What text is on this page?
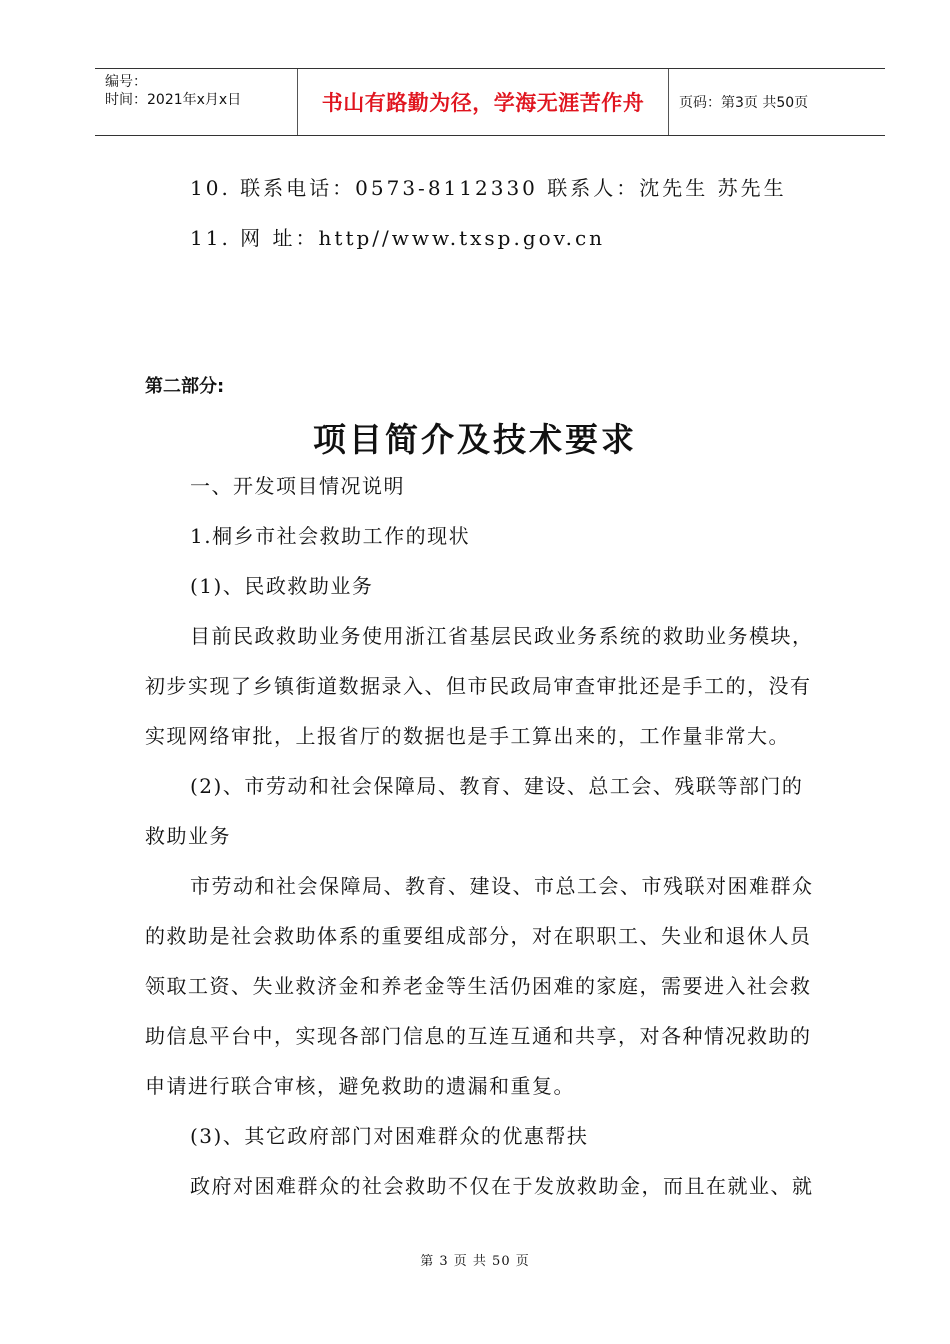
编号：
时间：2021年x月x日	书山有路勤为径，学海无涯苦作舟 页码：第3页 共50页
10. 联系电话：0573-8112330 联系人：沈先生 苏先生
11. 网 址：http//www.txsp.gov.cn
第二部分:
项目简介及技术要求
一、开发项目情况说明
1.桐乡市社会救助工作的现状
(1)、民政救助业务
目前民政救助业务使用浙江省基层民政业务系统的救助业务模块，
初步实现了乡镇街道数据录入、但市民政局审查审批还是手工的，没有
实现网络审批，上报省厅的数据也是手工算出来的，工作量非常大。
(2)、市劳动和社会保障局、教育、建设、总工会、残联等部门的
救助业务
市劳动和社会保障局、教育、建设、市总工会、市残联对困难群众
的救助是社会救助体系的重要组成部分，对在职职工、失业和退休人员
领取工资、失业救济金和养老金等生活仍困难的家庭，需要进入社会救
助信息平台中，实现各部门信息的互连互通和共享，对各种情况救助的
申请进行联合审核，避免救助的遗漏和重复。
(3)、其它政府部门对困难群众的优惠帮扶
政府对困难群众的社会救助不仅在于发放救助金，而且在就业、就
第 3 页 共 50 页
